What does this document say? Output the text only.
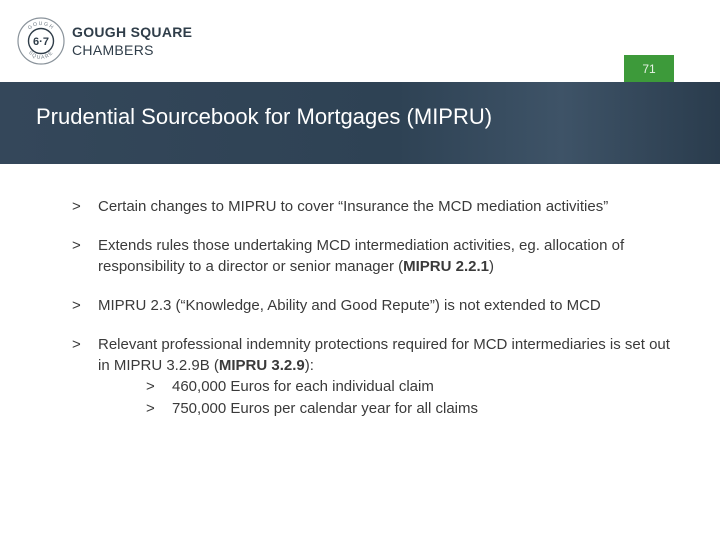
GOUGH
SQUARE
6·7
GOUGH SQUARE
CHAMBERS
71
Prudential Sourcebook for Mortgages (MIPRU)
> Certain changes to MIPRU to cover “Insurance the MCD mediation activities”
> Extends rules those undertaking MCD intermediation activities, eg. allocation of responsibility to a director or senior manager (MIPRU 2.2.1)
> MIPRU 2.3 (“Knowledge, Ability and Good Repute”) is not extended to MCD
> Relevant professional indemnity protections required for MCD intermediaries is set out in MIPRU 3.2.9B (MIPRU 3.2.9):
> 460,000 Euros for each individual claim
> 750,000 Euros per calendar year for all claims
